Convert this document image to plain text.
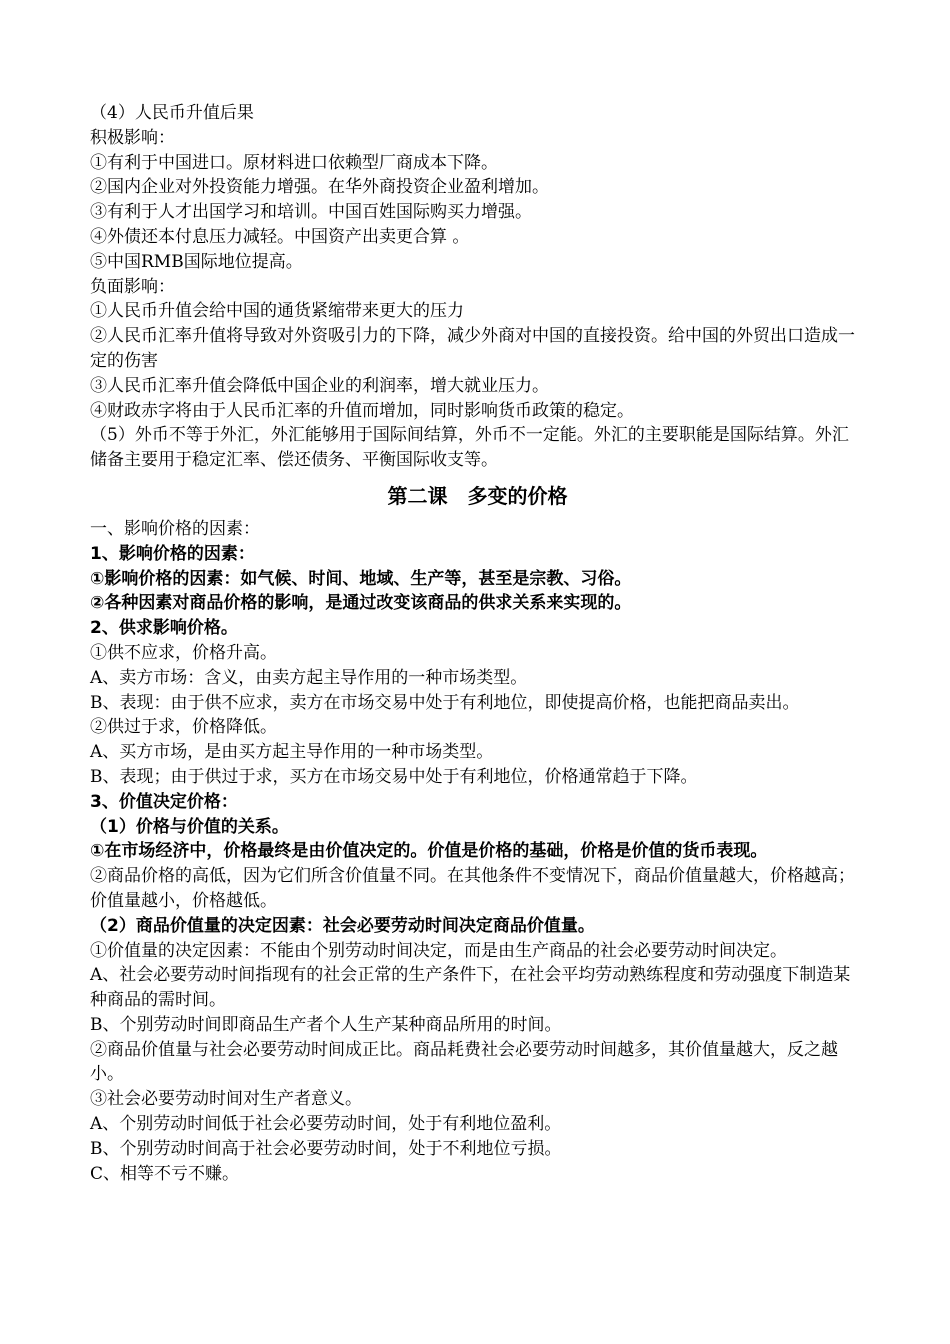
（4）人民币升值后果

积极影响：

①有利于中国进口。原材料进口依赖型厂商成本下降。

②国内企业对外投资能力增强。在华外商投资企业盈利增加。

③有利于人才出国学习和培训。中国百姓国际购买力增强。

④外债还本付息压力减轻。中国资产出卖更合算 。

⑤中国RMB国际地位提高。

负面影响：

①人民币升值会给中国的通货紧缩带来更大的压力

②人民币汇率升值将导致对外资吸引力的下降，减少外商对中国的直接投资。给中国的外贸出口造成一定的伤害

③人民币汇率升值会降低中国企业的利润率，增大就业压力。

④财政赤字将由于人民币汇率的升值而增加，同时影响货币政策的稳定。

（5）外币不等于外汇，外汇能够用于国际间结算，外币不一定能。外汇的主要职能是国际结算。外汇储备主要用于稳定汇率、偿还债务、平衡国际收支等。

第二课　多变的价格

一、影响价格的因素：

1、影响价格的因素：

①影响价格的因素：如气候、时间、地域、生产等，甚至是宗教、习俗。

②各种因素对商品价格的影响，是通过改变该商品的供求关系来实现的。

2、供求影响价格。

①供不应求，价格升高。

A、卖方市场：含义，由卖方起主导作用的一种市场类型。

B、表现：由于供不应求，卖方在市场交易中处于有利地位，即使提高价格，也能把商品卖出。

②供过于求，价格降低。

A、买方市场，是由买方起主导作用的一种市场类型。

B、表现；由于供过于求，买方在市场交易中处于有利地位，价格通常趋于下降。

3、价值决定价格：

（1）价格与价值的关系。

①在市场经济中，价格最终是由价值决定的。价值是价格的基础，价格是价值的货币表现。

②商品价格的高低，因为它们所含价值量不同。在其他条件不变情况下，商品价值量越大，价格越高；价值量越小，价格越低。

（2）商品价值量的决定因素：社会必要劳动时间决定商品价值量。

①价值量的决定因素：不能由个别劳动时间决定，而是由生产商品的社会必要劳动时间决定。

A、社会必要劳动时间指现有的社会正常的生产条件下，在社会平均劳动熟练程度和劳动强度下制造某种商品的需时间。

B、个别劳动时间即商品生产者个人生产某种商品所用的时间。

②商品价值量与社会必要劳动时间成正比。商品耗费社会必要劳动时间越多，其价值量越大，反之越小。

③社会必要劳动时间对生产者意义。

A、个别劳动时间低于社会必要劳动时间，处于有利地位盈利。

B、个别劳动时间高于社会必要劳动时间，处于不利地位亏损。

C、相等不亏不赚。
